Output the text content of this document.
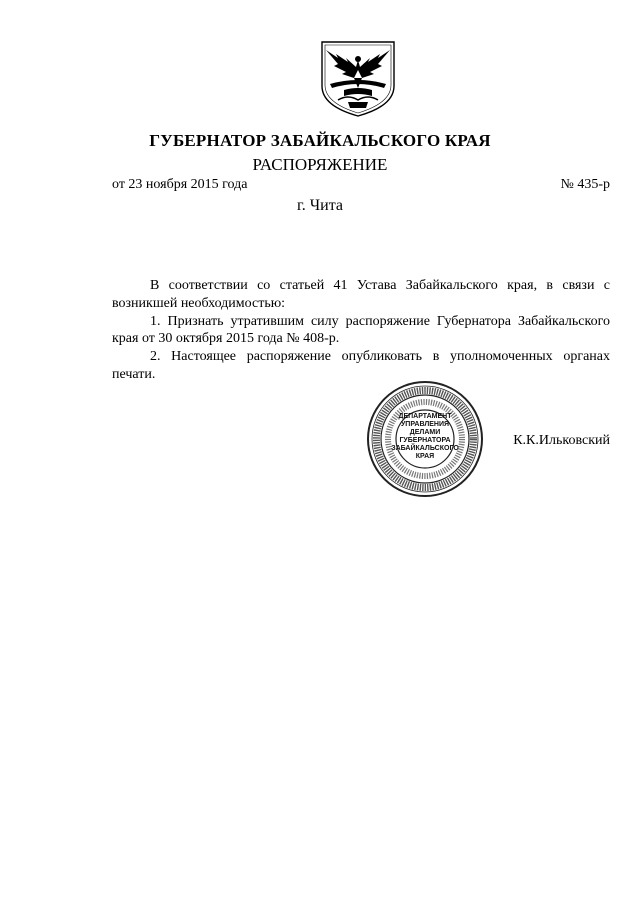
ГУБЕРНАТОР ЗАБАЙКАЛЬСКОГО КРАЯ
РАСПОРЯЖЕНИЕ
от 23 ноября 2015 года	№ 435-р
г. Чита

В соответствии со статьей 41 Устава Забайкальского края, в связи с возникшей необходимостью:

1. Признать утратившим силу распоряжение Губернатора Забайкальского края от 30 октября 2015 года № 408-р.

2. Настоящее распоряжение опубликовать в уполномоченных органах печати.

ДЕПАРТАМЕНТ
УПРАВЛЕНИЯ
ДЕЛАМИ
ГУБЕРНАТОРА
ЗАБАЙКАЛЬСКОГО
КРАЯ
К.К.Ильковский
